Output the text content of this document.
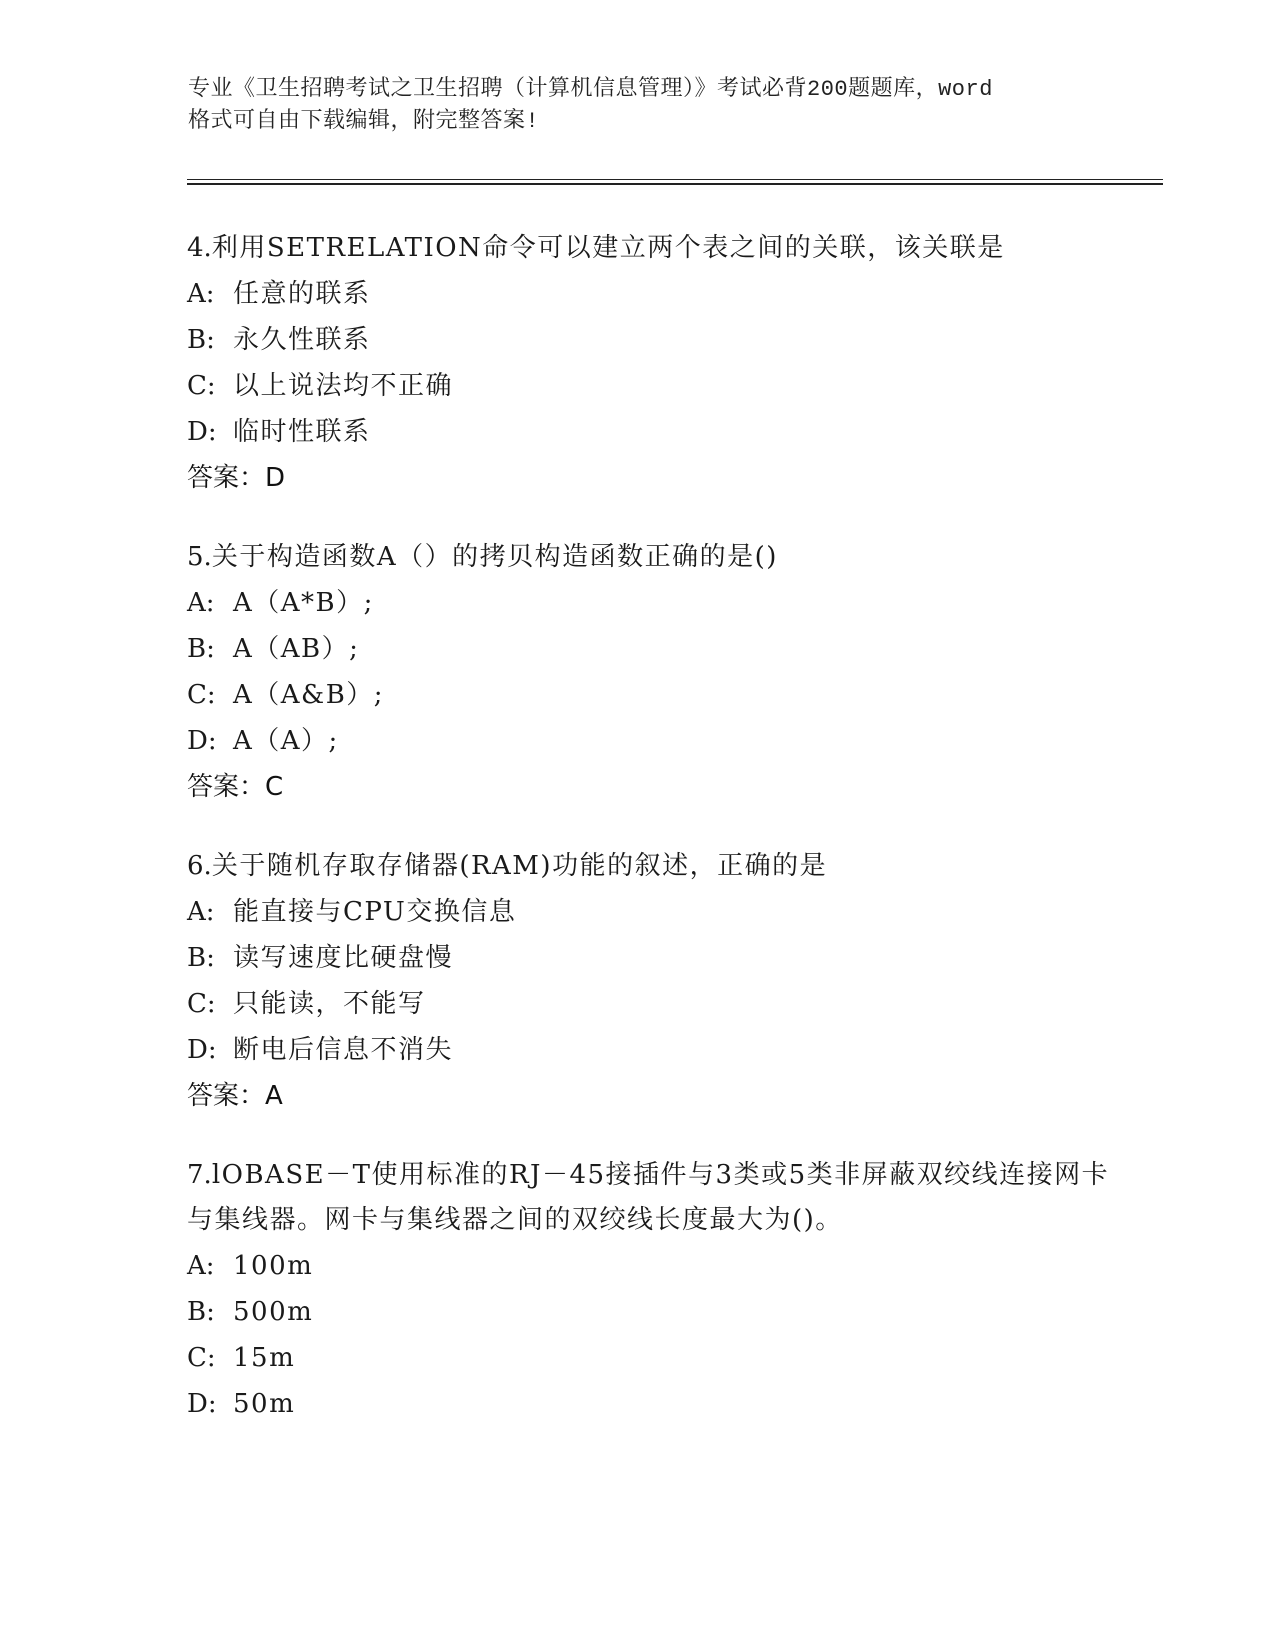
专业《卫生招聘考试之卫生招聘（计算机信息管理）》考试必背200题题库，word
格式可自由下载编辑，附完整答案!
4.利用SETRELATION命令可以建立两个表之间的关联，该关联是
A: 任意的联系
B: 永久性联系
C: 以上说法均不正确
D: 临时性联系
答案：D
5.关于构造函数A（）的拷贝构造函数正确的是()
A: A（A*B）;
B: A（AB）;
C: A（A&B）;
D: A（A）;
答案：C
6.关于随机存取存储器(RAM)功能的叙述，正确的是
A: 能直接与CPU交换信息
B: 读写速度比硬盘慢
C: 只能读，不能写
D: 断电后信息不消失
答案：A
7.lOBASE－T使用标准的RJ－45接插件与3类或5类非屏蔽双绞线连接网卡与集线器。网卡与集线器之间的双绞线长度最大为()。
A: 100m
B: 500m
C: 15m
D: 50m
